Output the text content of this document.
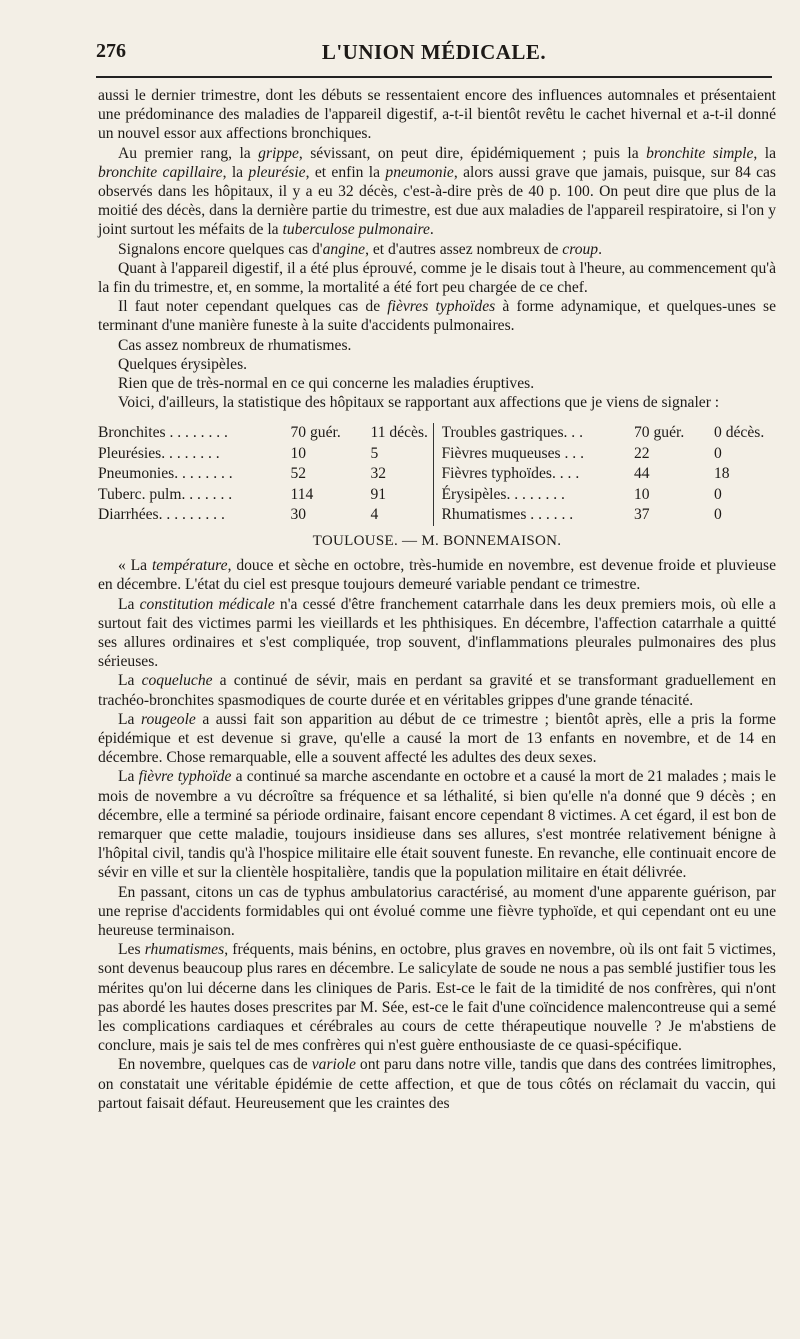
276	L'UNION MÉDICALE.

aussi le dernier trimestre, dont les débuts se ressentaient encore des influences automnales et présentaient une prédominance des maladies de l'appareil digestif, a-t-il bientôt revêtu le cachet hivernal et a-t-il donné un nouvel essor aux affections bronchiques.

Au premier rang, la grippe, sévissant, on peut dire, épidémiquement ; puis la bronchite simple, la bronchite capillaire, la pleurésie, et enfin la pneumonie, alors aussi grave que jamais, puisque, sur 84 cas observés dans les hôpitaux, il y a eu 32 décès, c'est-à-dire près de 40 p. 100. On peut dire que plus de la moitié des décès, dans la dernière partie du trimestre, est due aux maladies de l'appareil respiratoire, si l'on y joint surtout les méfaits de la tuberculose pulmonaire.

Signalons encore quelques cas d'angine, et d'autres assez nombreux de croup.

Quant à l'appareil digestif, il a été plus éprouvé, comme je le disais tout à l'heure, au commencement qu'à la fin du trimestre, et, en somme, la mortalité a été fort peu chargée de ce chef.

Il faut noter cependant quelques cas de fièvres typhoïdes à forme adynamique, et quelques-unes se terminant d'une manière funeste à la suite d'accidents pulmonaires.

Cas assez nombreux de rhumatismes.

Quelques érysipèles.

Rien que de très-normal en ce qui concerne les maladies éruptives.

Voici, d'ailleurs, la statistique des hôpitaux se rapportant aux affections que je viens de signaler :

Bronchites . . . . . . . .	70 guér.	11 décès.
Pleurésies. . . . . . . .	10	5
Pneumonies. . . . . . . .	52	32
Tuberc. pulm. . . . . . .	114	91
Diarrhées. . . . . . . . .	30	4
Troubles gastriques. . .	70 guér.	0 décès.
Fièvres muqueuses . . .	22	0
Fièvres typhoïdes. . . .	44	18
Érysipèles. . . . . . . .	10	0
Rhumatismes . . . . . .	37	0
TOULOUSE. — M. BONNEMAISON.

« La température, douce et sèche en octobre, très-humide en novembre, est devenue froide et pluvieuse en décembre. L'état du ciel est presque toujours demeuré variable pendant ce trimestre.

La constitution médicale n'a cessé d'être franchement catarrhale dans les deux premiers mois, où elle a surtout fait des victimes parmi les vieillards et les phthisiques. En décembre, l'affection catarrhale a quitté ses allures ordinaires et s'est compliquée, trop souvent, d'inflammations pleurales pulmonaires des plus sérieuses.

La coqueluche a continué de sévir, mais en perdant sa gravité et se transformant graduellement en trachéo-bronchites spasmodiques de courte durée et en véritables grippes d'une grande ténacité.

La rougeole a aussi fait son apparition au début de ce trimestre ; bientôt après, elle a pris la forme épidémique et est devenue si grave, qu'elle a causé la mort de 13 enfants en novembre, et de 14 en décembre. Chose remarquable, elle a souvent affecté les adultes des deux sexes.

La fièvre typhoïde a continué sa marche ascendante en octobre et a causé la mort de 21 malades ; mais le mois de novembre a vu décroître sa fréquence et sa léthalité, si bien qu'elle n'a donné que 9 décès ; en décembre, elle a terminé sa période ordinaire, faisant encore cependant 8 victimes. A cet égard, il est bon de remarquer que cette maladie, toujours insidieuse dans ses allures, s'est montrée relativement bénigne à l'hôpital civil, tandis qu'à l'hospice militaire elle était souvent funeste. En revanche, elle continuait encore de sévir en ville et sur la clientèle hospitalière, tandis que la population militaire en était délivrée.

En passant, citons un cas de typhus ambulatorius caractérisé, au moment d'une apparente guérison, par une reprise d'accidents formidables qui ont évolué comme une fièvre typhoïde, et qui cependant ont eu une heureuse terminaison.

Les rhumatismes, fréquents, mais bénins, en octobre, plus graves en novembre, où ils ont fait 5 victimes, sont devenus beaucoup plus rares en décembre. Le salicylate de soude ne nous a pas semblé justifier tous les mérites qu'on lui décerne dans les cliniques de Paris. Est-ce le fait de la timidité de nos confrères, qui n'ont pas abordé les hautes doses prescrites par M. Sée, est-ce le fait d'une coïncidence malencontreuse qui a semé les complications cardiaques et cérébrales au cours de cette thérapeutique nouvelle ? Je m'abstiens de conclure, mais je sais tel de mes confrères qui n'est guère enthousiaste de ce quasi-spécifique.

En novembre, quelques cas de variole ont paru dans notre ville, tandis que dans des contrées limitrophes, on constatait une véritable épidémie de cette affection, et que de tous côtés on réclamait du vaccin, qui partout faisait défaut. Heureusement que les craintes des
